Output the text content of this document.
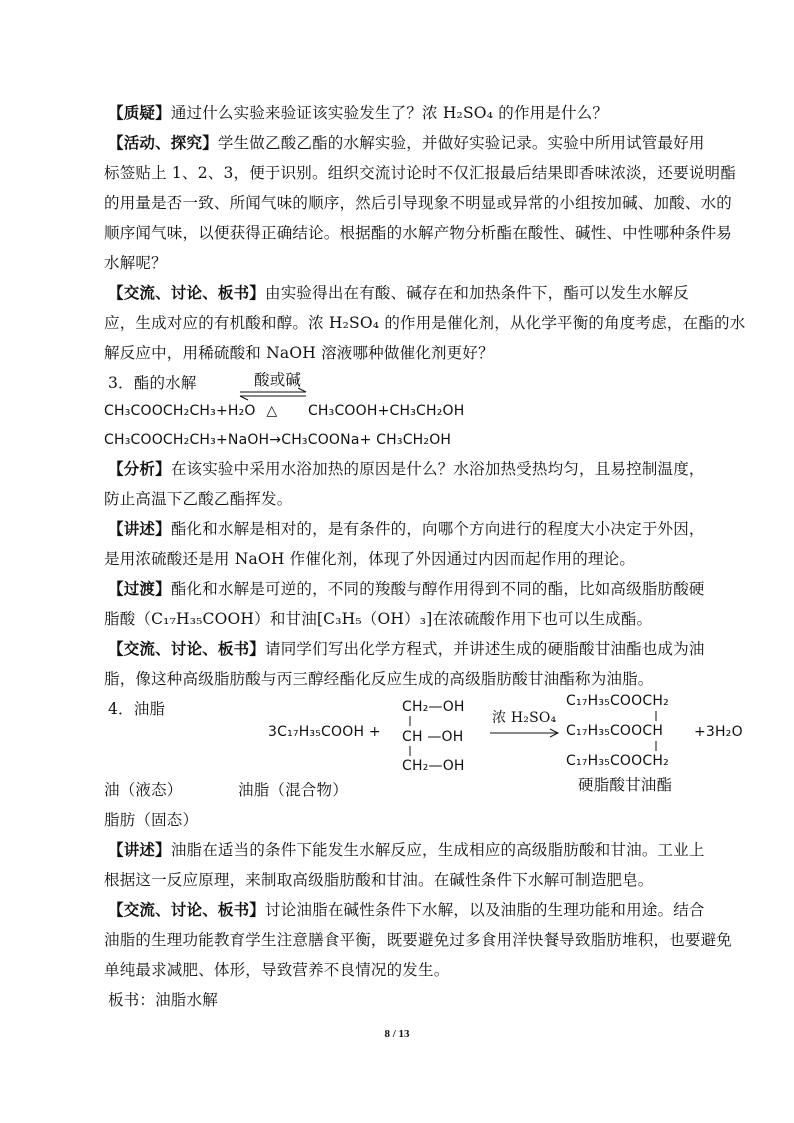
【质疑】通过什么实验来验证该实验发生了？浓 H₂SO₄ 的作用是什么？
【活动、探究】学生做乙酸乙酯的水解实验，并做好实验记录。实验中所用试管最好用
标签贴上 1、2、3，便于识别。组织交流讨论时不仅汇报最后结果即香味浓淡，还要说明酯
的用量是否一致、所闻气味的顺序，然后引导现象不明显或异常的小组按加碱、加酸、水的
顺序闻气味，以便获得正确结论。根据酯的水解产物分析酯在酸性、碱性、中性哪种条件易
水解呢？
【交流、讨论、板书】由实验得出在有酸、碱存在和加热条件下，酯可以发生水解反
应，生成对应的有机酸和醇。浓 H₂SO₄ 的作用是催化剂，从化学平衡的角度考虑，在酯的水
解反应中，用稀硫酸和 NaOH 溶液哪种做催化剂更好？
3．酯的水解	酸或碱
CH₃COOCH₂CH₃+H₂O △ CH₃COOH+CH₃CH₂OH
CH₃COOCH₂CH₃+NaOH→CH₃COONa+ CH₃CH₂OH
【分析】在该实验中采用水浴加热的原因是什么？水浴加热受热均匀，且易控制温度，
防止高温下乙酸乙酯挥发。
【讲述】酯化和水解是相对的，是有条件的，向哪个方向进行的程度大小决定于外因，
是用浓硫酸还是用 NaOH 作催化剂，体现了外因通过内因而起作用的理论。
【过渡】酯化和水解是可逆的，不同的羧酸与醇作用得到不同的酯，比如高级脂肪酸硬
脂酸（C₁₇H₃₅COOH）和甘油[C₃H₅（OH）₃]在浓硫酸作用下也可以生成酯。
【交流、讨论、板书】请同学们写出化学方程式，并讲述生成的硬脂酸甘油酯也成为油
脂，像这种高级脂肪酸与丙三醇经酯化反应生成的高级脂肪酸甘油酯称为油脂。
4．油脂
3C₁₇H₃₅COOH +
CH₂—OH
CH —OH
CH₂—OH
浓 H₂SO₄
C₁₇H₃₅COOCH₂
C₁₇H₃₅COOCH
C₁₇H₃₅COOCH₂
+3H₂O
硬脂酸甘油酯
油（液态）	油脂（混合物）
脂肪（固态）
【讲述】油脂在适当的条件下能发生水解反应，生成相应的高级脂肪酸和甘油。工业上
根据这一反应原理，来制取高级脂肪酸和甘油。在碱性条件下水解可制造肥皂。
【交流、讨论、板书】讨论油脂在碱性条件下水解，以及油脂的生理功能和用途。结合
油脂的生理功能教育学生注意膳食平衡，既要避免过多食用洋快餐导致脂肪堆积，也要避免
单纯最求减肥、体形，导致营养不良情况的发生。
板书：油脂水解
8 / 13
